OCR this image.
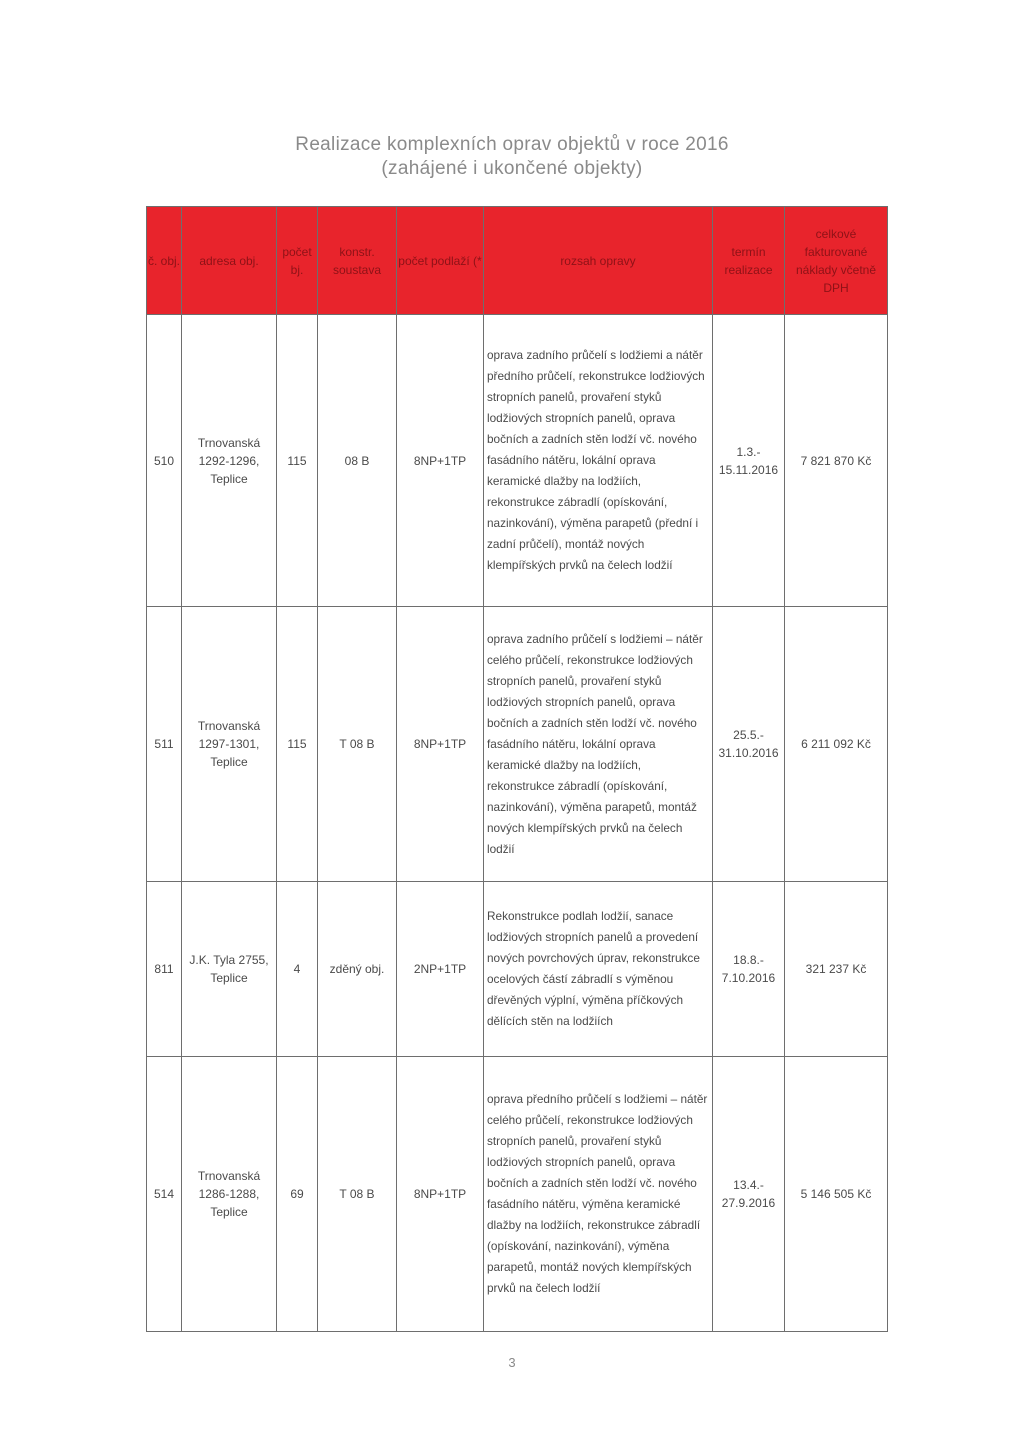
Realizace komplexních oprav objektů v roce 2016
(zahájené i ukončené objekty)
č. obj.	adresa obj.	počet bj.	konstr. soustava	počet podlaží (*	rozsah opravy	termín realizace	celkové fakturované náklady včetně DPH
510	Trnovanská 1292-1296, Teplice	115	08 B	8NP+1TP	oprava zadního průčelí s lodžiemi a nátěr předního průčelí, rekonstrukce lodžiových stropních panelů, provaření styků lodžiových stropních panelů, oprava bočních a zadních stěn lodží vč. nového fasádního nátěru, lokální oprava keramické dlažby na lodžiích, rekonstrukce zábradlí (opískování, nazinkování), výměna parapetů (přední i zadní průčelí), montáž nových klempířských prvků na čelech lodžií	1.3.- 15.11.2016	7 821 870 Kč
511	Trnovanská 1297-1301, Teplice	115	T 08 B	8NP+1TP	oprava zadního průčelí s lodžiemi – nátěr celého průčelí, rekonstrukce lodžiových stropních panelů, provaření styků lodžiových stropních panelů, oprava bočních a zadních stěn lodží vč. nového fasádního nátěru, lokální oprava keramické dlažby na lodžiích, rekonstrukce zábradlí (opískování, nazinkování), výměna parapetů, montáž nových klempířských prvků na čelech lodžií	25.5.- 31.10.2016	6 211 092 Kč
811	J.K. Tyla 2755, Teplice	4	zděný obj.	2NP+1TP	Rekonstrukce podlah lodžií, sanace lodžiových stropních panelů a provedení nových povrchových úprav, rekonstrukce ocelových částí zábradlí s výměnou dřevěných výplní, výměna příčkových dělících stěn na lodžiích	18.8.- 7.10.2016	321 237 Kč
514	Trnovanská 1286-1288, Teplice	69	T 08 B	8NP+1TP	oprava předního průčelí s lodžiemi – nátěr celého průčelí, rekonstrukce lodžiových stropních panelů, provaření styků lodžiových stropních panelů, oprava bočních a zadních stěn lodží vč. nového fasádního nátěru, výměna keramické dlažby na lodžiích, rekonstrukce zábradlí (opískování, nazinkování), výměna parapetů, montáž nových klempířských prvků na čelech lodžií	13.4.- 27.9.2016	5 146 505 Kč
3
